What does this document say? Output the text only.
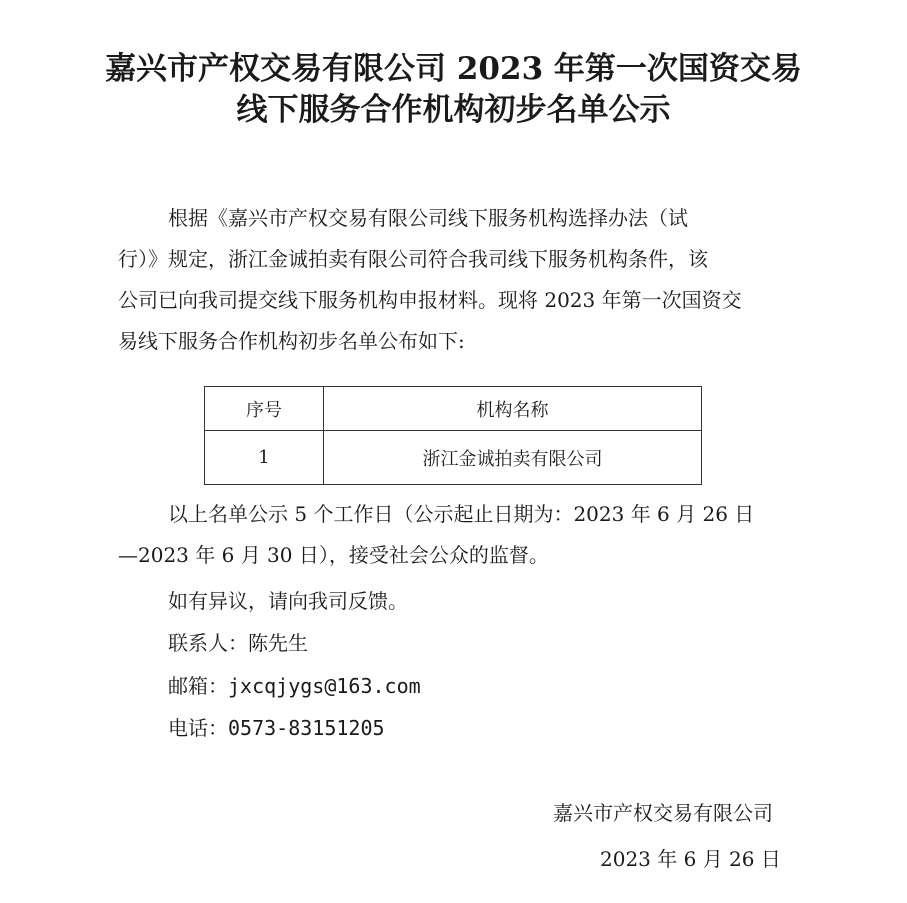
嘉兴市产权交易有限公司 2023 年第一次国资交易
线下服务合作机构初步名单公示
根据《嘉兴市产权交易有限公司线下服务机构选择办法（试
行）》规定，浙江金诚拍卖有限公司符合我司线下服务机构条件，该
公司已向我司提交线下服务机构申报材料。现将 2023 年第一次国资交
易线下服务合作机构初步名单公布如下:
序号	机构名称
1	浙江金诚拍卖有限公司
以上名单公示 5 个工作日（公示起止日期为：2023 年 6 月 26 日
—2023 年 6 月 30 日），接受社会公众的监督。
如有异议，请向我司反馈。
联系人：陈先生
邮箱：jxcqjygs@163.com
电话：0573-83151205
嘉兴市产权交易有限公司
2023 年 6 月 26 日
